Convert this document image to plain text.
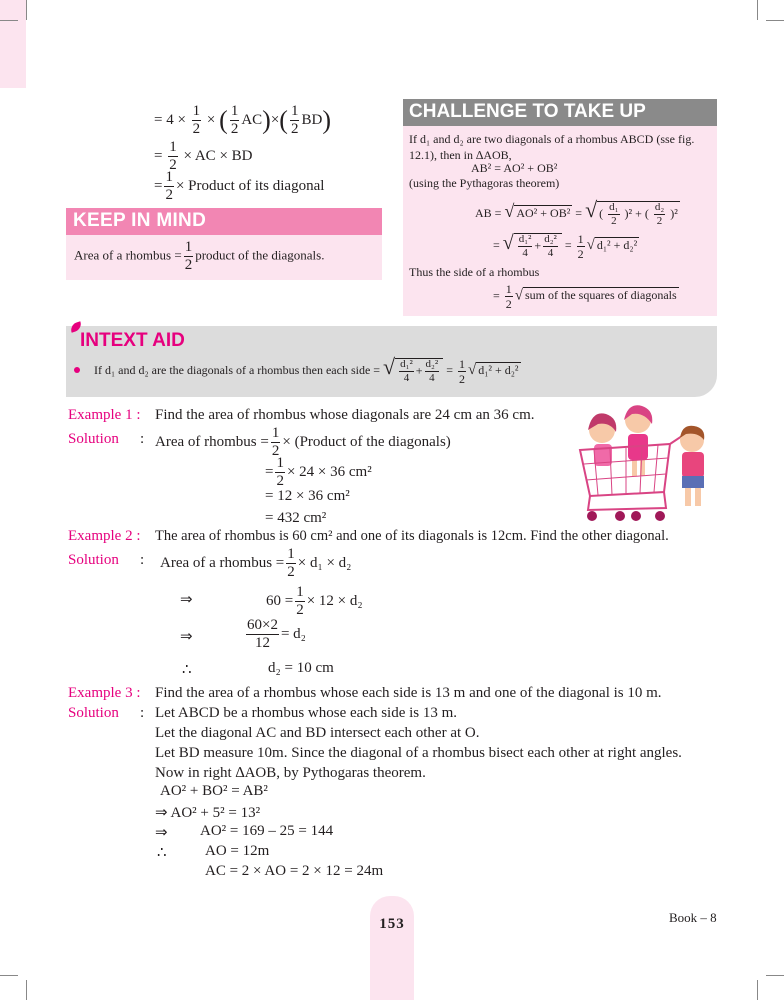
= $4 \times \frac{1}{2}$ × ( $\frac{1}{2} AC)\times( \frac{1}{2} BD)$
= $\frac{1}{2}$ × AC × BD
= $\frac{1}{2}$ × Product of its diagonal
KEEP IN MIND
Area of a rhombus = $\frac{1}{2}$ product of the diagonals.
CHALLENGE TO TAKE UP
If d₁ and d₂ are two diagonals of a rhombus ABCD (sse fig. 12.1), then in ∆AOB,
AB² = AO² + OB²
(using the Pythagoras theorem)
AB = √ AO² + OB² = √ ( $\frac{\text{d₁}}{2} )^2$ + ( $\frac{\text{d₂}}{2} )^2$
= √ $\frac{\text{d₁²}}{4} + \frac{\text{d₂²}}{4} = \frac{1}{2}$ √ d₁² + d₂²
Thus the side of a rhombus
= $\frac{1}{2}$ √ sum of the squares of diagonals
INTEXT AID
If d₁ and d₂ are the diagonals of a rhombus then each side = √ $\frac{\text{d₁²}}{4} + \frac{\text{d₂²}}{4} = \frac{1}{2}$ √ d₁² + d₂²
Example 1 : Find the area of rhombus whose diagonals are 24 cm an 36 cm.
Solution : Area of rhombus = $\frac{1}{2}$ × (Product of the diagonals)
= $\frac{1}{2} \times 24 \times 36$ cm²
= 12 × 36 cm²
= 432 cm²
Example 2 : The area of rhombus is 60 cm² and one of its diagonals is 12cm. Find the other diagonal.
Solution : Area of a rhombus = $\frac{1}{2} \times d_1 \times d_2$
⇒	$60 = \frac{1}{2} \times 12 \times d_2$
⇒	$\frac{60\times 2}{12} = d_2$
∴	d₂ = 10 cm
Example 3 : Find the area of a rhombus whose each side is 13 m and one of the diagonal is 10 m.
Solution : Let ABCD be a rhombus whose each side is 13 m.
Let the diagonal AC and BD intersect each other at O.
Let BD measure 10m. Since the diagonal of a rhombus bisect each other at right angles.
Now in right ∆AOB, by Pythogaras theorem.
AO² + BO² = AB²
⇒ AO² + 5² = 13²
⇒ AO² = 169 – 25 = 144
∴	AO = 12m
AC = 2 × AO = 2 × 12 = 24m
153	Book – 8
